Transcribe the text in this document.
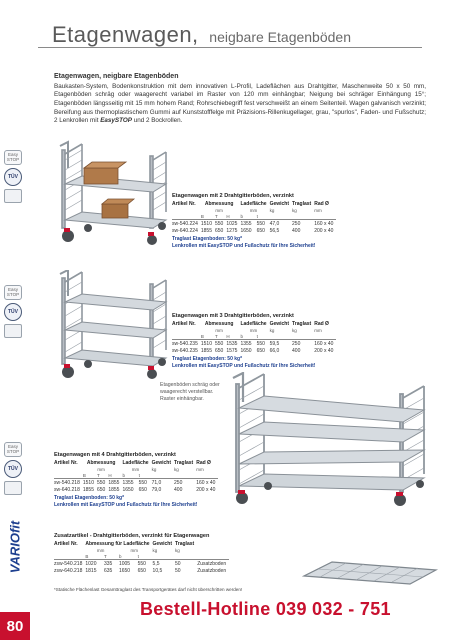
Etagenwagen, neigbare Etagenböden
Etagenwagen, neigbare Etagenböden
Baukasten-System, Bodenkonstruktion mit dem innovativen L-Profil, Ladeflächen aus Drahtgitter, Maschenweite 50 x 50 mm, Etagenböden schräg oder waagerecht variabel im Raster von 120 mm einhängbar; Neigung bei schräger Einhängung 15°; Etagenböden längsseitig mit 15 mm hohem Rand; Rohrschiebegriff fest verschweißt an einem Seitenteil. Wagen galvanisch verzinkt; Bereifung aus thermoplastischem Gummi auf Kunststofffelge mit Präzisions-Rillenkugellager, grau, "spurlos", Faden- und Fußschutz; 2 Lenkrollen mit EasySTOP und 2 Bockrollen.
Easy STOP
TÜV
Easy STOP
TÜV
Easy STOP
TÜV
VARIOfit
80
Etagenwagen mit 2 Drahtgitterböden, verzinkt
Artikel Nr.	Abmessung			Ladefläche		Gewicht	Traglast	Rad Ø
	mm			mm		kg	kg	mm
	B	T	H	b	t			

sw-540.224	1510	550	1025	1355	550	47,0	250	160 x 40
sw-640.224	1855	650	1275	1650	650	56,5	400	200 x 40
Traglast Etagenboden: 50 kg*
Lenkrollen mit EasySTOP und Fußschutz für Ihre Sicherheit!
Etagenwagen mit 3 Drahtgitterböden, verzinkt
Artikel Nr.	Abmessung			Ladefläche		Gewicht	Traglast	Rad Ø
	mm			mm		kg	kg	mm
	B	T	H	b	t			

sw-540.235	1510	550	1535	1355	550	59,5	250	160 x 40
sw-640.235	1855	650	1575	1650	650	66,0	400	200 x 40
Traglast Etagenboden: 50 kg*
Lenkrollen mit EasySTOP und Fußschutz für Ihre Sicherheit!
Etagenböden schräg oder waagerecht verstellbar. Raster einhängbar.
Etagenwagen mit 4 Drahtgitterböden, verzinkt
Artikel Nr.	Abmessung			Ladefläche		Gewicht	Traglast	Rad Ø
	mm			mm		kg	kg	mm
	B	T	H	b	t			

sw-540.218	1510	550	1855	1355	550	71,0	250	160 x 40
sw-640.218	1855	650	1855	1650	650	79,0	400	200 x 40
Traglast Etagenboden: 50 kg*
Lenkrollen mit EasySTOP und Fußschutz für Ihre Sicherheit!
Zusatzartikel - Drahtgitterböden, verzinkt für Etagenwagen
Artikel Nr.	Abmessung für Ladefläche				Gewicht	Traglast	
	mm		mm		kg	kg	
	B	T	b	t			

zsw-540.218	1020	335	1005	550	5,5	50	Zusatzboden
zsw-640.218	1815	635	1650	650	10,5	50	Zusatzboden
*Statische Flächenlast Gesamttraglast des Transportgerätes darf nicht überschritten werden!
Bestell-Hotline 039 032 - 751
